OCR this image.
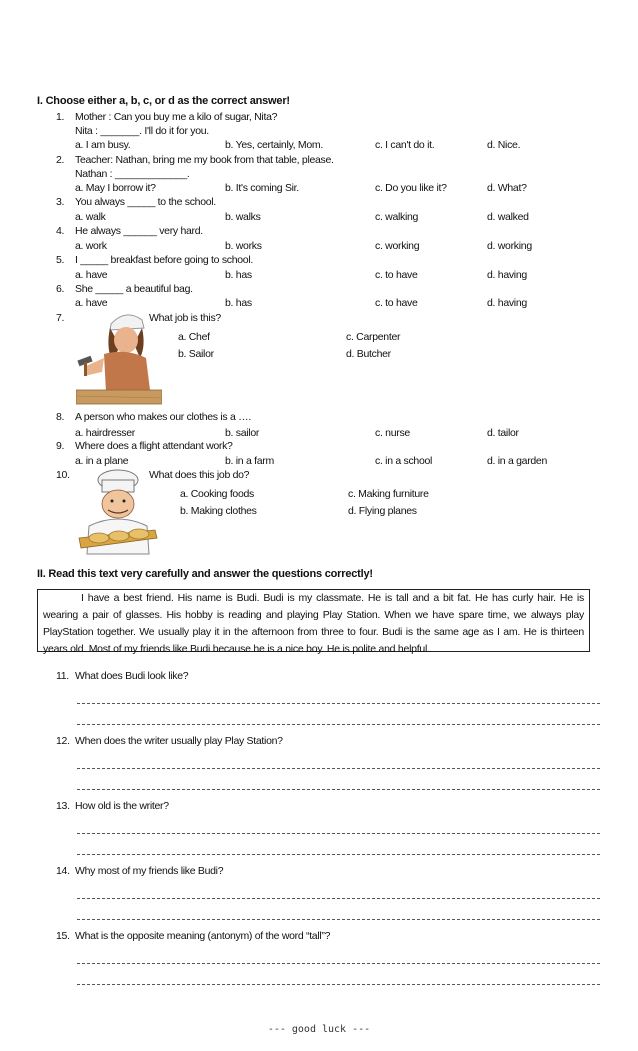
I. Choose either a, b, c, or d as the correct answer!
1. Mother : Can you buy me a kilo of sugar, Nita?
Nita : _______. I'll do it for you.
a. I am busy.	b. Yes, certainly, Mom.	c. I can't do it.	d. Nice.
2. Teacher: Nathan, bring me my book from that table, please.
Nathan : _____________.
a. May I borrow it?	b. It's coming Sir.	c. Do you like it?	d. What?
3. You always _____ to the school.
a. walk	b. walks	c. walking	d. walked
4. He always ______ very hard.
a. work	b. works	c. working	d. working
5. I _____ breakfast before going to school.
a. have	b. has	c. to have	d. having
6. She _____ a beautiful bag.
a. have	b. has	c. to have	d. having
7.	What job is this?
a. Chef
b. Sailor
c. Carpenter
d. Butcher
8. A person who makes our clothes is a ….
a. hairdresser	b. sailor	c. nurse	d. tailor
9. Where does a flight attendant work?
a. in a plane	b. in a farm	c. in a school	d. in a garden
10.	What does this job do?
a. Cooking foods
b. Making clothes
c. Making furniture
d. Flying planes
II. Read this text very carefully and answer the questions correctly!

I have a best friend. His name is Budi. Budi is my classmate. He is tall and a bit fat. He has curly hair. He is wearing a pair of glasses. His hobby is reading and playing Play Station. When we have spare time, we always play PlayStation together. We usually play it in the afternoon from three to four. Budi is the same age as I am. He is thirteen years old. Most of my friends like Budi because he is a nice boy. He is polite and helpful.

11. What does Budi look like?
12. When does the writer usually play Play Station?
13. How old is the writer?
14. Why most of my friends like Budi?
15. What is the opposite meaning (antonym) of the word “tall”?
--- good luck ---
